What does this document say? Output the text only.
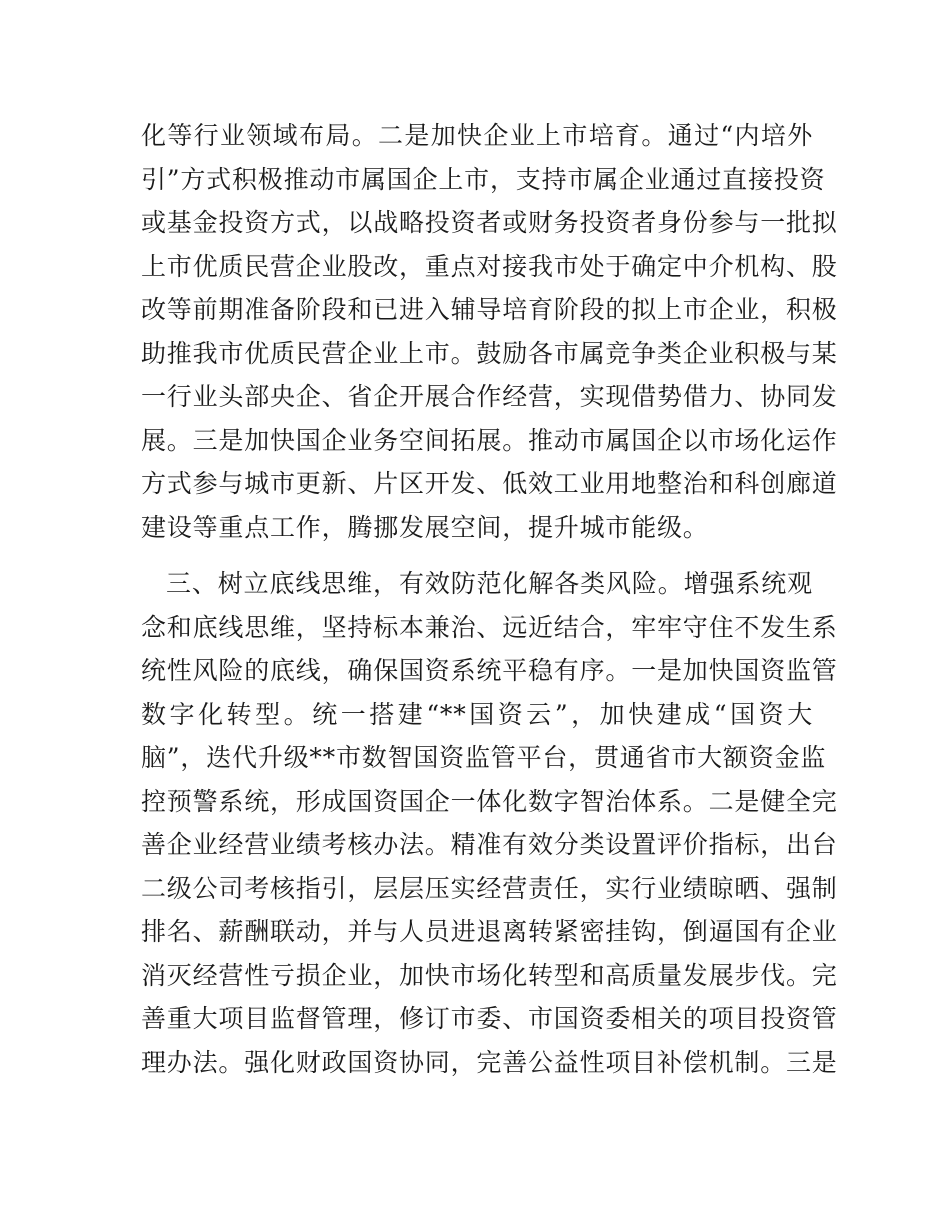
化等行业领域布局。二是加快企业上市培育。通过“内培外
引”方式积极推动市属国企上市，支持市属企业通过直接投资
或基金投资方式，以战略投资者或财务投资者身份参与一批拟
上市优质民营企业股改，重点对接我市处于确定中介机构、股
改等前期准备阶段和已进入辅导培育阶段的拟上市企业，积极
助推我市优质民营企业上市。鼓励各市属竞争类企业积极与某
一行业头部央企、省企开展合作经营，实现借势借力、协同发
展。三是加快国企业务空间拓展。推动市属国企以市场化运作
方式参与城市更新、片区开发、低效工业用地整治和科创廊道
建设等重点工作，腾挪发展空间，提升城市能级。
三、树立底线思维，有效防范化解各类风险。增强系统观
念和底线思维，坚持标本兼治、远近结合，牢牢守住不发生系
统性风险的底线，确保国资系统平稳有序。一是加快国资监管
数字化转型。统一搭建“**国资云”，加快建成“国资大
脑”，迭代升级**市数智国资监管平台，贯通省市大额资金监
控预警系统，形成国资国企一体化数字智治体系。二是健全完
善企业经营业绩考核办法。精准有效分类设置评价指标，出台
二级公司考核指引，层层压实经营责任，实行业绩晾晒、强制
排名、薪酬联动，并与人员进退离转紧密挂钩，倒逼国有企业
消灭经营性亏损企业，加快市场化转型和高质量发展步伐。完
善重大项目监督管理，修订市委、市国资委相关的项目投资管
理办法。强化财政国资协同，完善公益性项目补偿机制。三是
